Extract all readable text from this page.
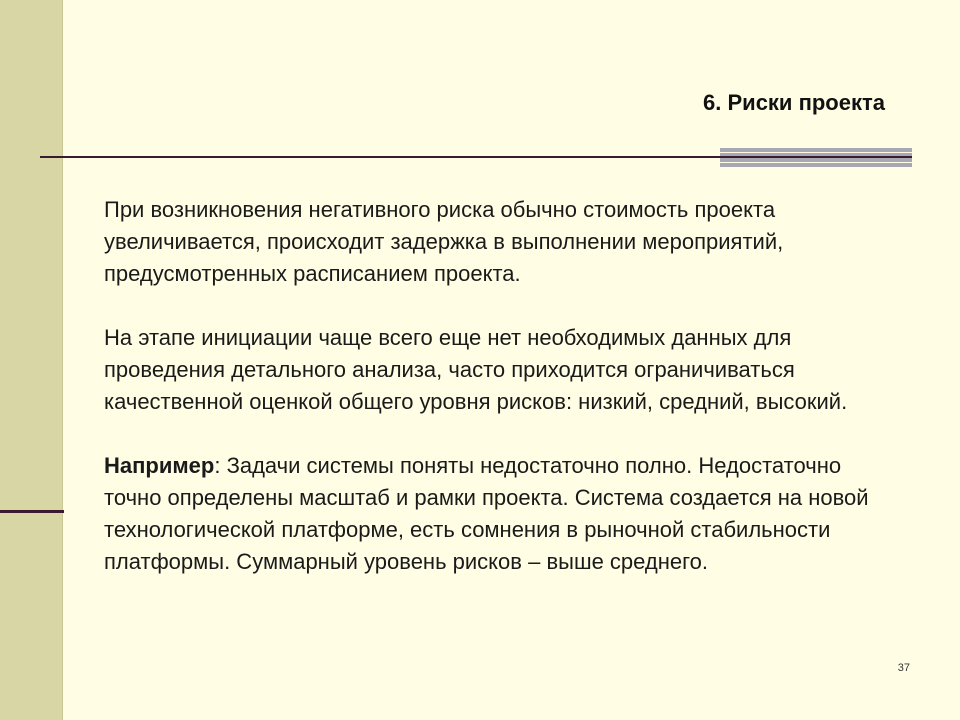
6. Риски проекта

При возникновения негативного риска обычно стоимость проекта увеличивается, происходит задержка в выполнении мероприятий, предусмотренных расписанием проекта.

На этапе инициации чаще всего еще нет необходимых данных для проведения детального анализа, часто приходится ограничиваться качественной оценкой общего уровня рисков: низкий, средний, высокий.

Например: Задачи системы поняты недостаточно полно. Недостаточно точно определены масштаб и рамки проекта. Система создается на новой технологической платформе, есть сомнения в рыночной стабильности платформы. Суммарный уровень рисков – выше среднего.

37
